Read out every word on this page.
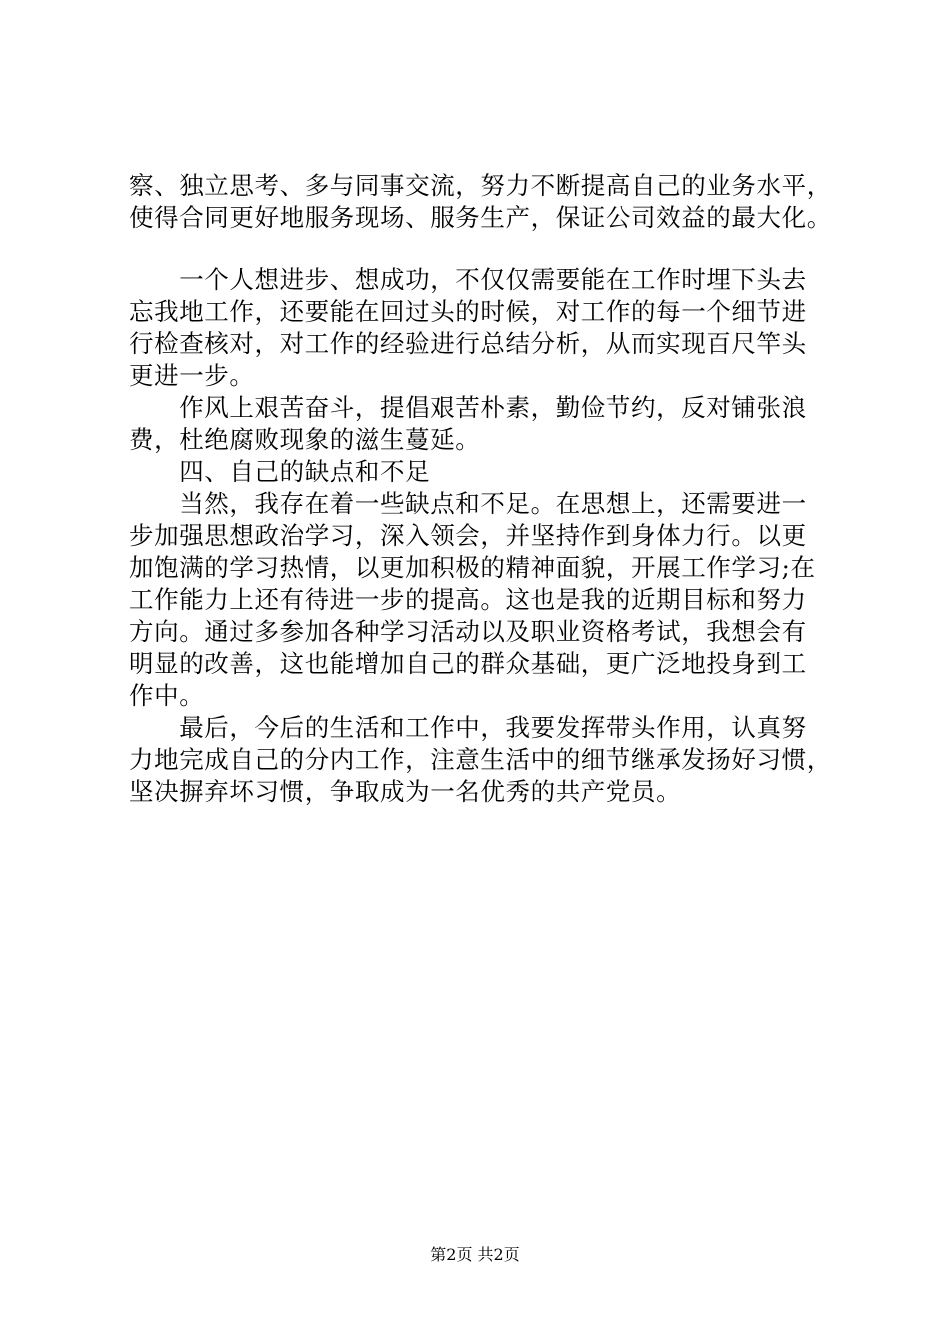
察、独立思考、多与同事交流，努力不断提高自己的业务水平，
使得合同更好地服务现场、服务生产，保证公司效益的最大化。
　　一个人想进步、想成功，不仅仅需要能在工作时埋下头去
忘我地工作，还要能在回过头的时候，对工作的每一个细节进
行检查核对，对工作的经验进行总结分析，从而实现百尺竿头
更进一步。
　　作风上艰苦奋斗，提倡艰苦朴素，勤俭节约，反对铺张浪
费，杜绝腐败现象的滋生蔓延。
　　四、自己的缺点和不足
　　当然，我存在着一些缺点和不足。在思想上，还需要进一
步加强思想政治学习，深入领会，并坚持作到身体力行。以更
加饱满的学习热情，以更加积极的精神面貌，开展工作学习;在
工作能力上还有待进一步的提高。这也是我的近期目标和努力
方向。通过多参加各种学习活动以及职业资格考试，我想会有
明显的改善，这也能增加自己的群众基础，更广泛地投身到工
作中。
　　最后，今后的生活和工作中，我要发挥带头作用，认真努
力地完成自己的分内工作，注意生活中的细节继承发扬好习惯，
坚决摒弃坏习惯，争取成为一名优秀的共产党员。
第2页 共2页
